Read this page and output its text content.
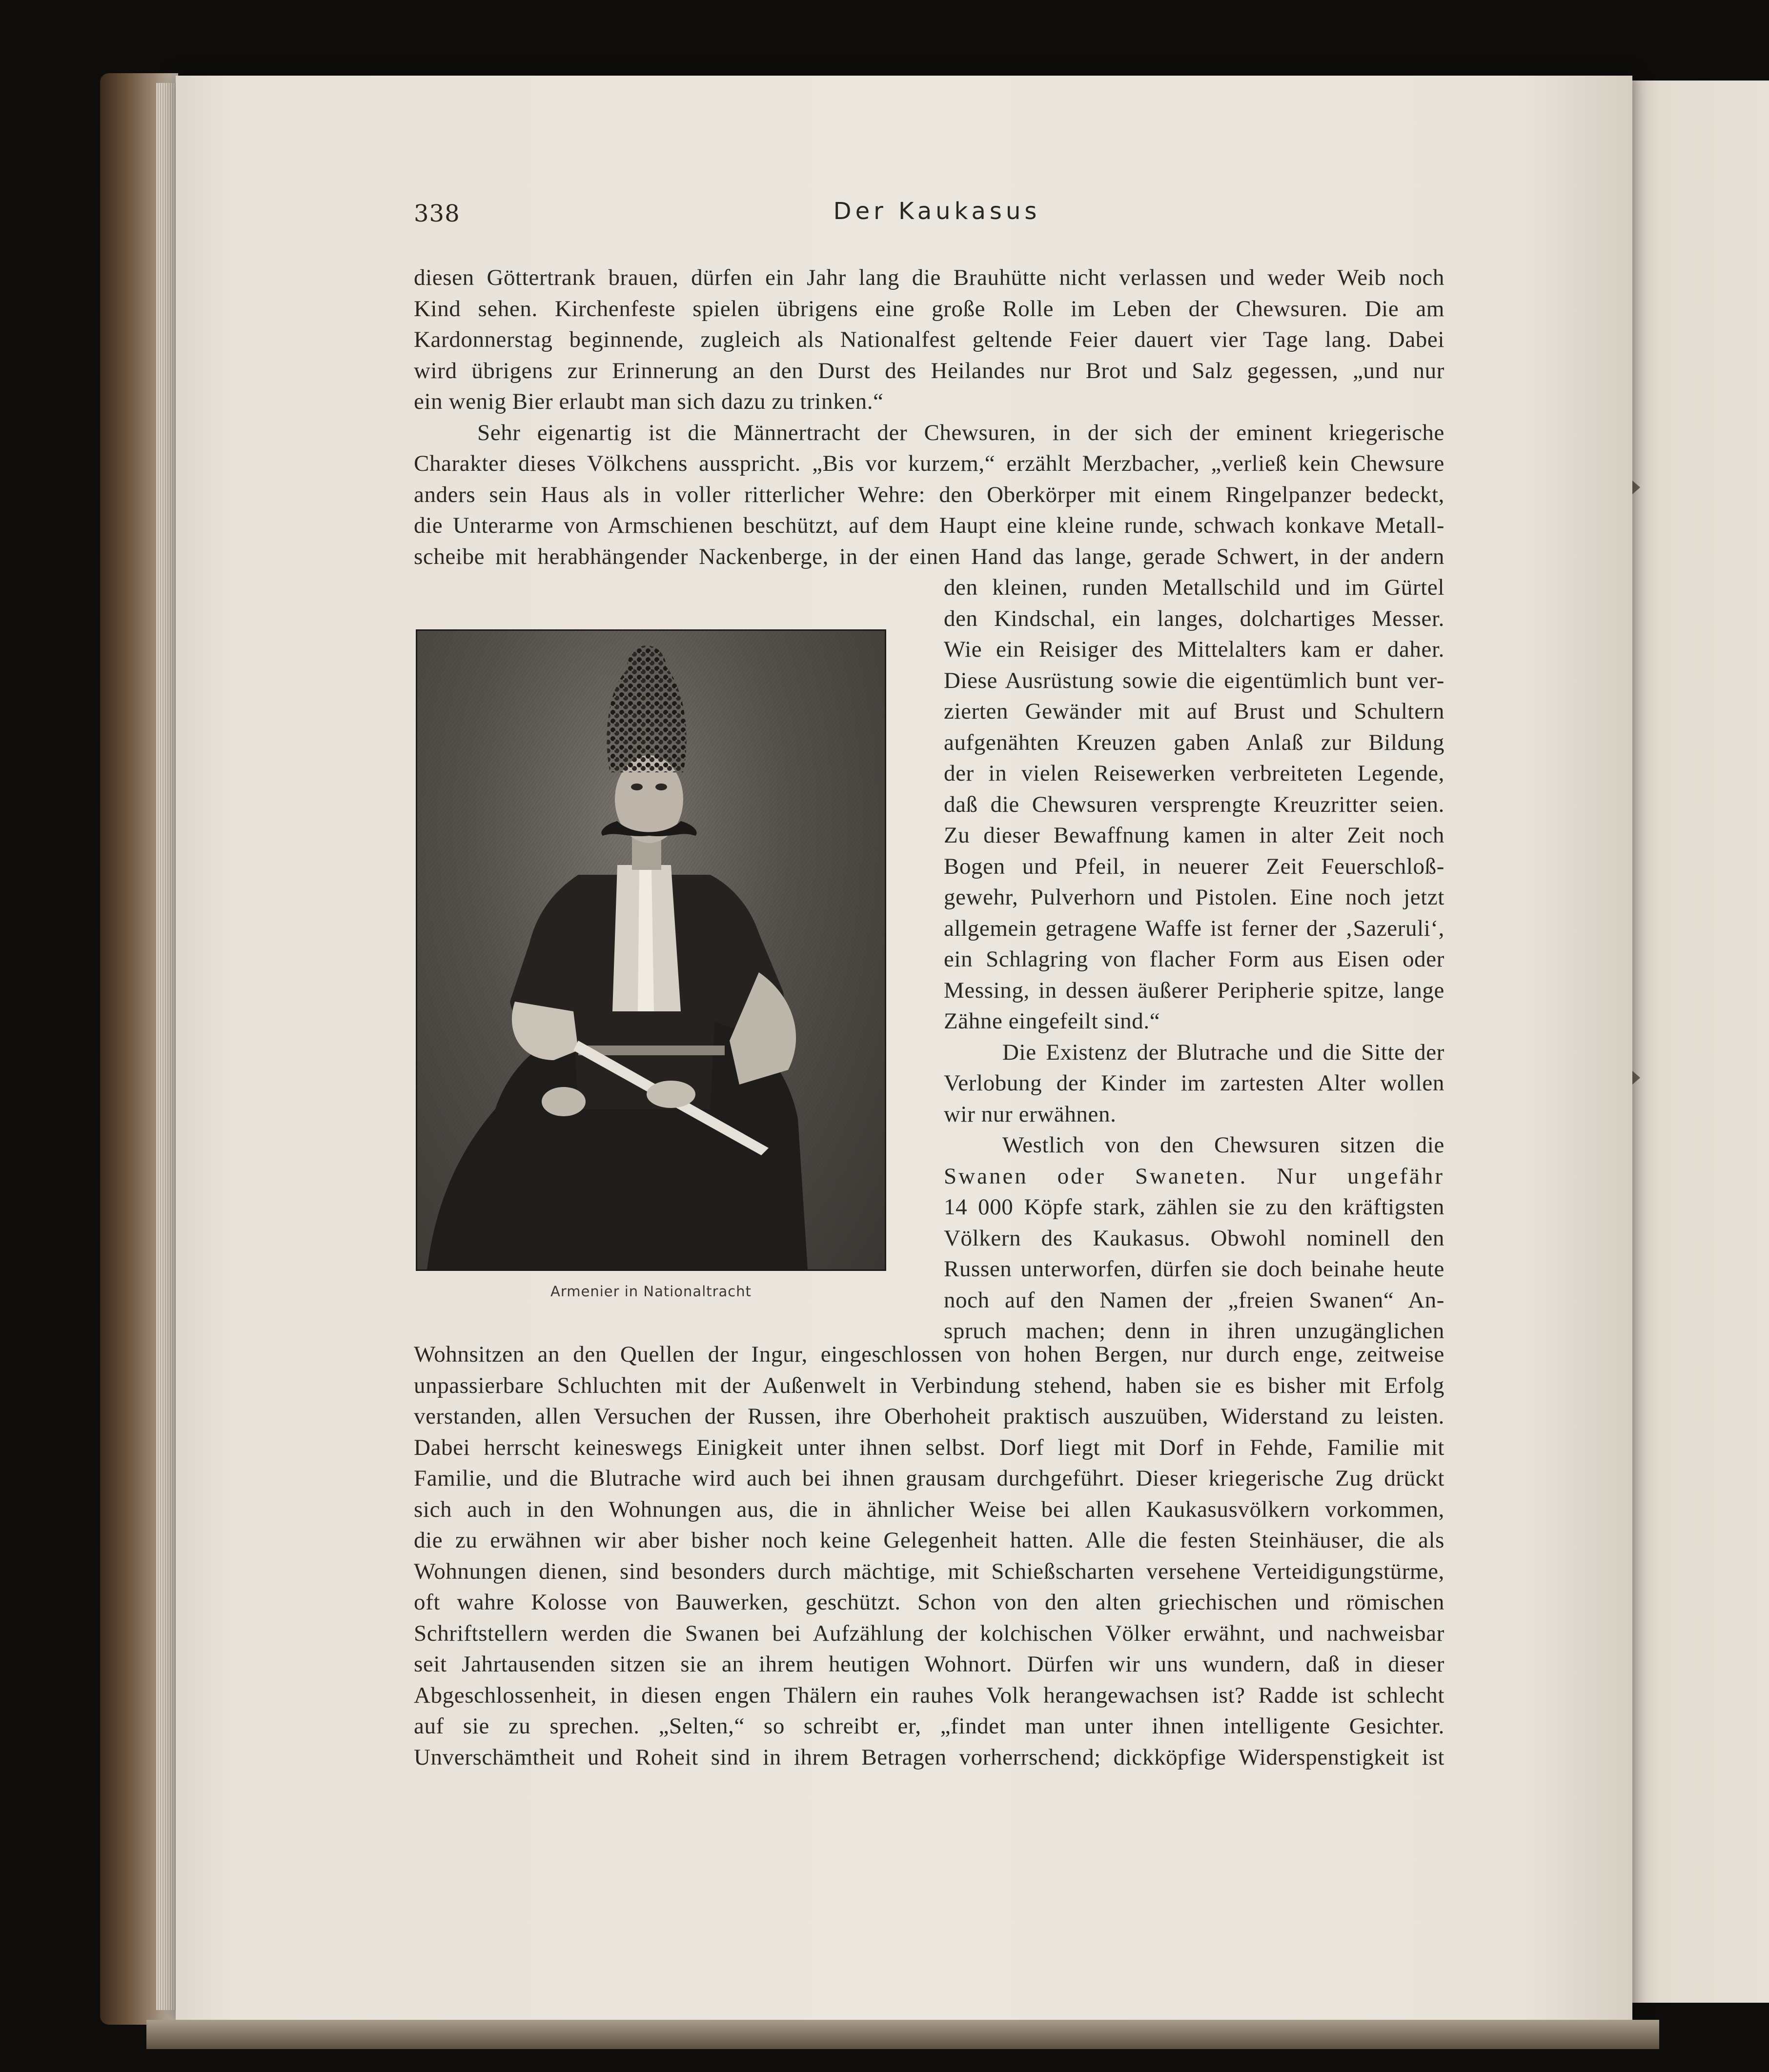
338	Der Kaukasus

diesen Göttertrank brauen, dürfen ein Jahr lang die Brauhütte nicht verlassen und weder Weib noch

Kind sehen. Kirchenfeste spielen übrigens eine große Rolle im Leben der Chewsuren. Die am

Kardonnerstag beginnende, zugleich als Nationalfest geltende Feier dauert vier Tage lang. Dabei

wird übrigens zur Erinnerung an den Durst des Heilandes nur Brot und Salz gegessen, „und nur

ein wenig Bier erlaubt man sich dazu zu trinken.“

Sehr eigenartig ist die Männertracht der Chewsuren, in der sich der eminent kriegerische

Charakter dieses Völkchens ausspricht. „Bis vor kurzem,“ erzählt Merzbacher, „verließ kein Chewsure

anders sein Haus als in voller ritterlicher Wehre: den Oberkörper mit einem Ringelpanzer bedeckt,

die Unterarme von Armschienen beschützt, auf dem Haupt eine kleine runde, schwach konkave Metall-

scheibe mit herabhängender Nackenberge, in der einen Hand das lange, gerade Schwert, in der andern

den kleinen, runden Metallschild und im Gürtel

den Kindschal, ein langes, dolchartiges Messer.

Wie ein Reisiger des Mittelalters kam er daher.

Diese Ausrüstung sowie die eigentümlich bunt ver-

zierten Gewänder mit auf Brust und Schultern

aufgenähten Kreuzen gaben Anlaß zur Bildung

der in vielen Reisewerken verbreiteten Legende,

daß die Chewsuren versprengte Kreuzritter seien.

Zu dieser Bewaffnung kamen in alter Zeit noch

Bogen und Pfeil, in neuerer Zeit Feuerschloß-

gewehr, Pulverhorn und Pistolen. Eine noch jetzt

allgemein getragene Waffe ist ferner der ‚Sazeruli‘,

ein Schlagring von flacher Form aus Eisen oder

Messing, in dessen äußerer Peripherie spitze, lange

Zähne eingefeilt sind.“

Die Existenz der Blutrache und die Sitte der

Verlobung der Kinder im zartesten Alter wollen

wir nur erwähnen.

Westlich von den Chewsuren sitzen die

Swanen oder Swaneten. Nur ungefähr

14 000 Köpfe stark, zählen sie zu den kräftigsten

Völkern des Kaukasus. Obwohl nominell den

Russen unterworfen, dürfen sie doch beinahe heute

noch auf den Namen der „freien Swanen“ An-

spruch machen; denn in ihren unzugänglichen

Armenier in Nationaltracht

Wohnsitzen an den Quellen der Ingur, eingeschlossen von hohen Bergen, nur durch enge, zeitweise

unpassierbare Schluchten mit der Außenwelt in Verbindung stehend, haben sie es bisher mit Erfolg

verstanden, allen Versuchen der Russen, ihre Oberhoheit praktisch auszuüben, Widerstand zu leisten.

Dabei herrscht keineswegs Einigkeit unter ihnen selbst. Dorf liegt mit Dorf in Fehde, Familie mit

Familie, und die Blutrache wird auch bei ihnen grausam durchgeführt. Dieser kriegerische Zug drückt

sich auch in den Wohnungen aus, die in ähnlicher Weise bei allen Kaukasusvölkern vorkommen,

die zu erwähnen wir aber bisher noch keine Gelegenheit hatten. Alle die festen Steinhäuser, die als

Wohnungen dienen, sind besonders durch mächtige, mit Schießscharten versehene Verteidigungstürme,

oft wahre Kolosse von Bauwerken, geschützt. Schon von den alten griechischen und römischen

Schriftstellern werden die Swanen bei Aufzählung der kolchischen Völker erwähnt, und nachweisbar

seit Jahrtausenden sitzen sie an ihrem heutigen Wohnort. Dürfen wir uns wundern, daß in dieser

Abgeschlossenheit, in diesen engen Thälern ein rauhes Volk herangewachsen ist? Radde ist schlecht

auf sie zu sprechen. „Selten,“ so schreibt er, „findet man unter ihnen intelligente Gesichter.

Unverschämtheit und Roheit sind in ihrem Betragen vorherrschend; dickköpfige Widerspenstigkeit ist
